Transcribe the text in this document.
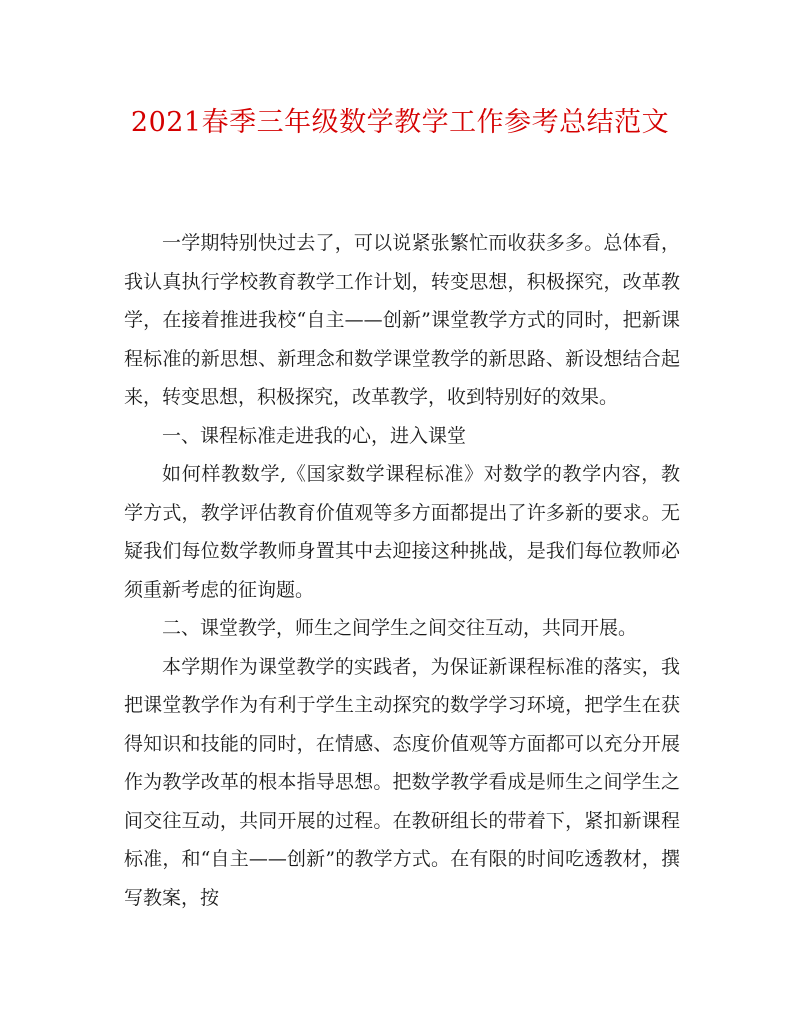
2021春季三年级数学教学工作参考总结范文

一学期特别快过去了，可以说紧张繁忙而收获多多。总体看，我认真执行学校教育教学工作计划，转变思想，积极探究，改革教学，在接着推进我校“自主——创新”课堂教学方式的同时，把新课程标准的新思想、新理念和数学课堂教学的新思路、新设想结合起来，转变思想，积极探究，改革教学，收到特别好的效果。

一、课程标准走进我的心，进入课堂

如何样教数学,《国家数学课程标准》对数学的教学内容，教学方式，教学评估教育价值观等多方面都提出了许多新的要求。无疑我们每位数学教师身置其中去迎接这种挑战，是我们每位教师必须重新考虑的征询题。

二、课堂教学，师生之间学生之间交往互动，共同开展。

本学期作为课堂教学的实践者，为保证新课程标准的落实，我把课堂教学作为有利于学生主动探究的数学学习环境，把学生在获得知识和技能的同时，在情感、态度价值观等方面都可以充分开展作为教学改革的根本指导思想。把数学教学看成是师生之间学生之间交往互动，共同开展的过程。在教研组长的带着下，紧扣新课程标准，和“自主——创新”的教学方式。在有限的时间吃透教材，撰写教案，按
